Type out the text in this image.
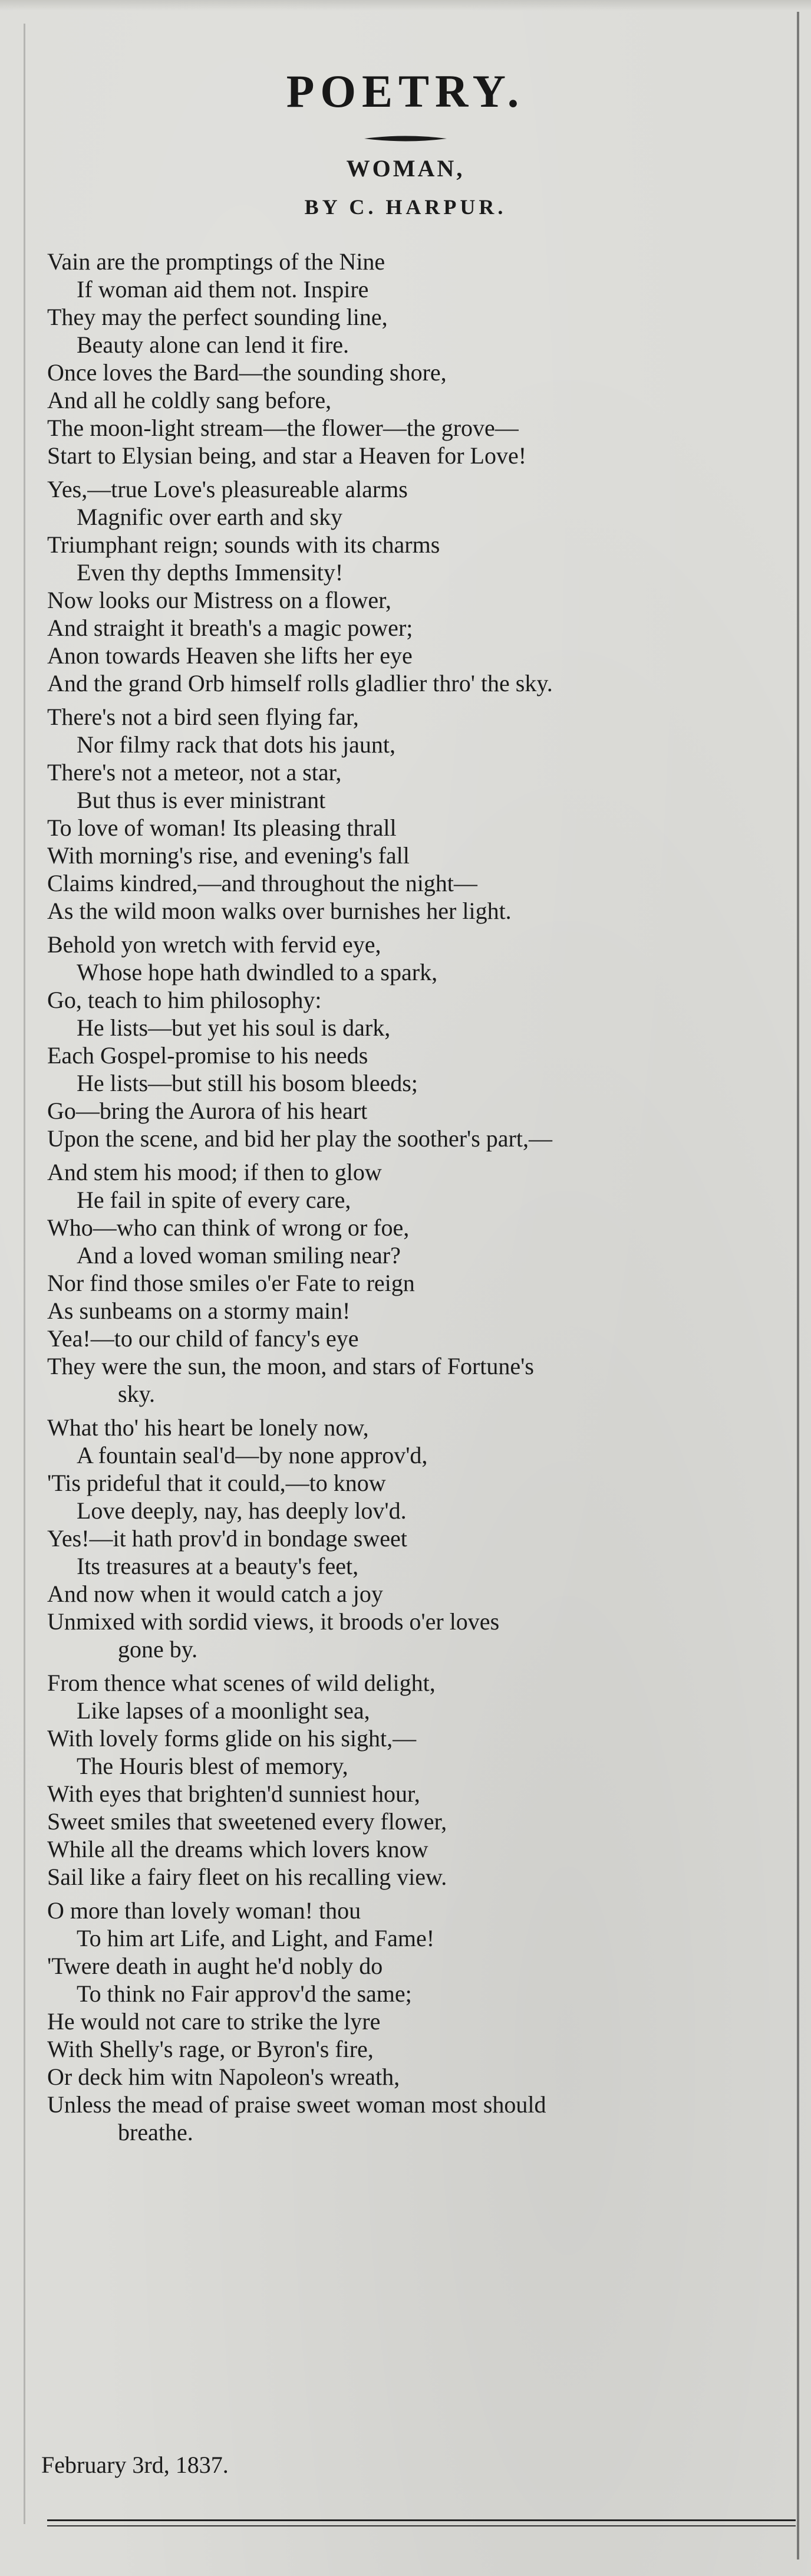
POETRY.
WOMAN,
BY C. HARPUR.
Vain are the promptings of the Nine
If woman aid them not. Inspire
They may the perfect sounding line,
Beauty alone can lend it fire.
Once loves the Bard—the sounding shore,
And all he coldly sang before,
The moon-light stream—the flower—the grove—
Start to Elysian being, and star a Heaven for Love!
Yes,—true Love's pleasureable alarms
Magnific over earth and sky
Triumphant reign; sounds with its charms
Even thy depths Immensity!
Now looks our Mistress on a flower,
And straight it breath's a magic power;
Anon towards Heaven she lifts her eye
And the grand Orb himself rolls gladlier thro' the sky.
There's not a bird seen flying far,
Nor filmy rack that dots his jaunt,
There's not a meteor, not a star,
But thus is ever ministrant
To love of woman! Its pleasing thrall
With morning's rise, and evening's fall
Claims kindred,—and throughout the night—
As the wild moon walks over burnishes her light.
Behold yon wretch with fervid eye,
Whose hope hath dwindled to a spark,
Go, teach to him philosophy:
He lists—but yet his soul is dark,
Each Gospel-promise to his needs
He lists—but still his bosom bleeds;
Go—bring the Aurora of his heart
Upon the scene, and bid her play the soother's part,—
And stem his mood; if then to glow
He fail in spite of every care,
Who—who can think of wrong or foe,
And a loved woman smiling near?
Nor find those smiles o'er Fate to reign
As sunbeams on a stormy main!
Yea!—to our child of fancy's eye
They were the sun, the moon, and stars of Fortune's
sky.
What tho' his heart be lonely now,
A fountain seal'd—by none approv'd,
'Tis prideful that it could,—to know
Love deeply, nay, has deeply lov'd.
Yes!—it hath prov'd in bondage sweet
Its treasures at a beauty's feet,
And now when it would catch a joy
Unmixed with sordid views, it broods o'er loves
gone by.
From thence what scenes of wild delight,
Like lapses of a moonlight sea,
With lovely forms glide on his sight,—
The Houris blest of memory,
With eyes that brighten'd sunniest hour,
Sweet smiles that sweetened every flower,
While all the dreams which lovers know
Sail like a fairy fleet on his recalling view.
O more than lovely woman! thou
To him art Life, and Light, and Fame!
'Twere death in aught he'd nobly do
To think no Fair approv'd the same;
He would not care to strike the lyre
With Shelly's rage, or Byron's fire,
Or deck him witn Napoleon's wreath,
Unless the mead of praise sweet woman most should
breathe.
February 3rd, 1837.
